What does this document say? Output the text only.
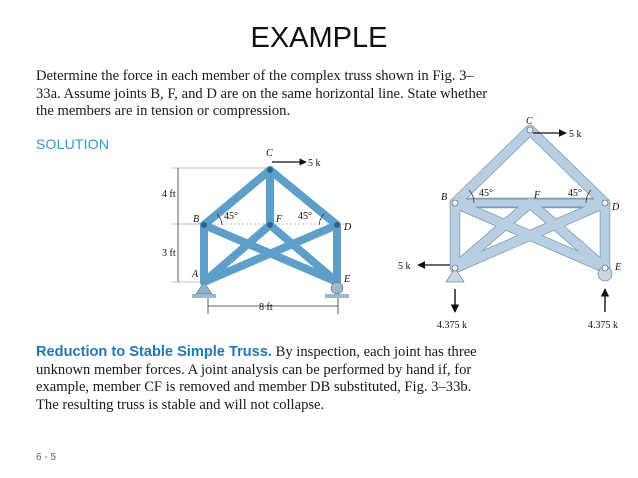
EXAMPLE

Determine the force in each member of the complex truss shown in Fig. 3–33a. Assume joints B, F, and D are on the same horizontal line. State whether the members are in tension or compression.

SOLUTION
C
5 k
B 45°	F 45°
D
A	E
4 ft
3 ft
8 ft
C
5 k
B	45°	F	45°
D
E
5 k
4.375 k	4.375 k

Reduction to Stable Simple Truss. By inspection, each joint has three unknown member forces. A joint analysis can be performed by hand if, for example, member CF is removed and member DB substituted, Fig. 3–33b. The resulting truss is stable and will not collapse.

6 - 5
